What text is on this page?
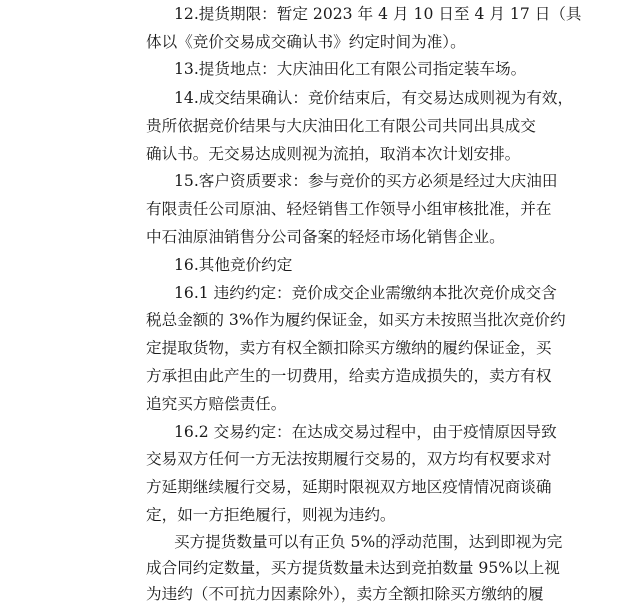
12.提货期限：暂定 2023 年 4 月 10 日至 4 月 17 日（具
体以《竞价交易成交确认书》约定时间为准）。
13.提货地点：大庆油田化工有限公司指定装车场。
14.成交结果确认：竞价结束后，有交易达成则视为有效，
贵所依据竞价结果与大庆油田化工有限公司共同出具成交
确认书。无交易达成则视为流拍，取消本次计划安排。
15.客户资质要求：参与竞价的买方必须是经过大庆油田
有限责任公司原油、轻烃销售工作领导小组审核批准，并在
中石油原油销售分公司备案的轻烃市场化销售企业。
16.其他竞价约定
16.1 违约约定：竞价成交企业需缴纳本批次竞价成交含
税总金额的 3%作为履约保证金，如买方未按照当批次竞价约
定提取货物，卖方有权全额扣除买方缴纳的履约保证金，买
方承担由此产生的一切费用，给卖方造成损失的，卖方有权
追究买方赔偿责任。
16.2 交易约定：在达成交易过程中，由于疫情原因导致
交易双方任何一方无法按期履行交易的，双方均有权要求对
方延期继续履行交易，延期时限视双方地区疫情情况商谈确
定，如一方拒绝履行，则视为违约。
买方提货数量可以有正负 5%的浮动范围，达到即视为完
成合同约定数量，买方提货数量未达到竞拍数量 95%以上视
为违约（不可抗力因素除外），卖方全额扣除买方缴纳的履
